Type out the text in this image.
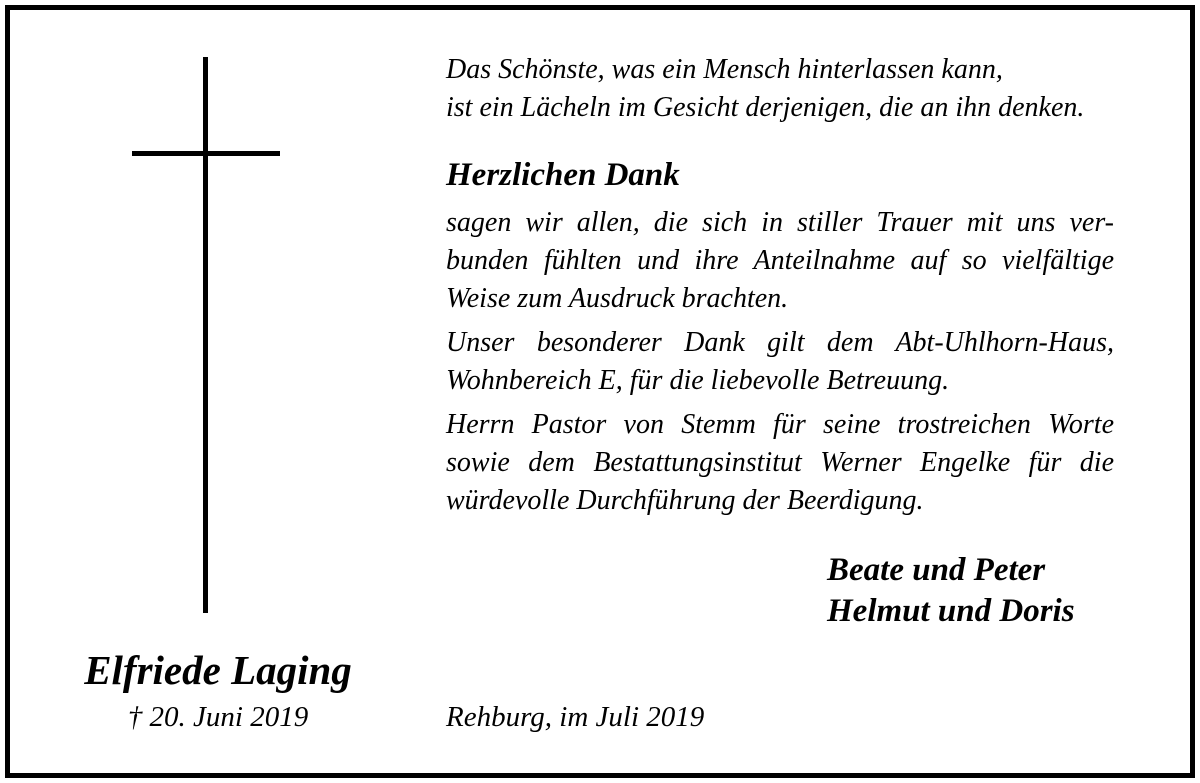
Elfriede Laging
† 20. Juni 2019
Das Schönste, was ein Mensch hinterlassen kann,
ist ein Lächeln im Gesicht derjenigen, die an ihn denken.
Herzlichen Dank
sagen wir allen, die sich in stiller Trauer mit uns ver-
bunden fühlten und ihre Anteilnahme auf so vielfältige
Weise zum Ausdruck brachten.
Unser besonderer Dank gilt dem Abt-Uhlhorn-Haus,
Wohnbereich E, für die liebevolle Betreuung.
Herrn Pastor von Stemm für seine trostreichen Worte
sowie dem Bestattungsinstitut Werner Engelke für die
würdevolle Durchführung der Beerdigung.
Beate und Peter
Helmut und Doris
Rehburg, im Juli 2019
